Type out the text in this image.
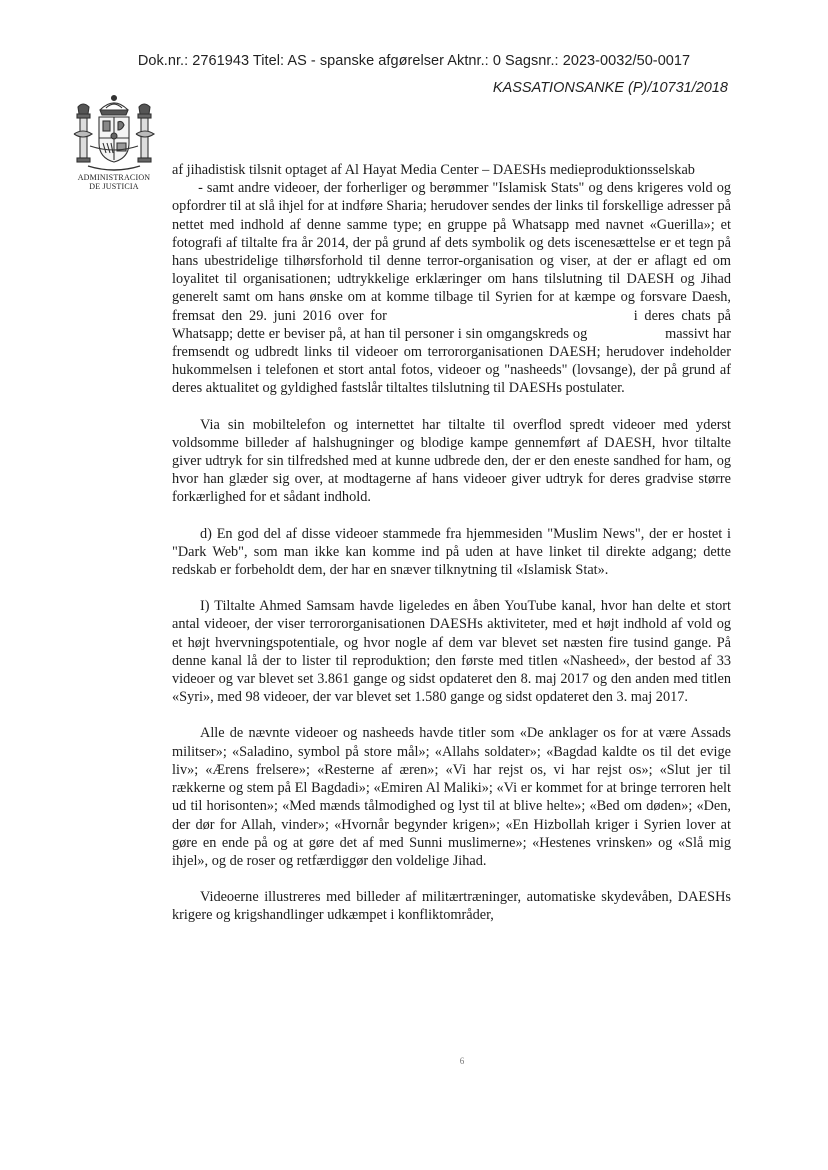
Dok.nr.: 2761943 Titel: AS - spanske afgørelser Aktnr.: 0 Sagsnr.: 2023-0032/50-0017
KASSATIONSANKE (P)/10731/2018
ADMINISTRACION
DE JUSTICIA

af jihadistisk tilsnit optaget af Al Hayat Media Center – DAESHs medieproduktionsselskab
- samt andre videoer, der forherliger og berømmer "Islamisk Stats" og dens krigeres vold og opfordrer til at slå ihjel for at indføre Sharia; herudover sendes der links til forskellige adresser på nettet med indhold af denne samme type; en gruppe på Whatsapp med navnet «Guerilla»; et fotografi af tiltalte fra år 2014, der på grund af dets symbolik og dets iscenesættelse er et tegn på hans ubestridelige tilhørsforhold til denne terror-organisation og viser, at der er aflagt ed om loyalitet til organisationen; udtrykkelige erklæringer om hans tilslutning til DAESH og Jihad generelt samt om hans ønske om at komme tilbage til Syrien for at kæmpe og forsvare Daesh, fremsat den 29. juni 2016 over for	i deres chats på Whatsapp; dette er beviser på, at han til personer i sin omgangskreds og	massivt har fremsendt og udbredt links til videoer om terrororganisationen DAESH; herudover indeholder hukommelsen i telefonen et stort antal fotos, videoer og "nasheeds" (lovsange), der på grund af deres aktualitet og gyldighed fastslår tiltaltes tilslutning til DAESHs postulater.

Via sin mobiltelefon og internettet har tiltalte til overflod spredt videoer med yderst voldsomme billeder af halshugninger og blodige kampe gennemført af DAESH, hvor tiltalte giver udtryk for sin tilfredshed med at kunne udbrede den, der er den eneste sandhed for ham, og hvor han glæder sig over, at modtagerne af hans videoer giver udtryk for deres gradvise større forkærlighed for et sådant indhold.

d) En god del af disse videoer stammede fra hjemmesiden "Muslim News", der er hostet i "Dark Web", som man ikke kan komme ind på uden at have linket til direkte adgang; dette redskab er forbeholdt dem, der har en snæver tilknytning til «Islamisk Stat».

I) Tiltalte Ahmed Samsam havde ligeledes en åben YouTube kanal, hvor han delte et stort antal videoer, der viser terrororganisationen DAESHs aktiviteter, med et højt indhold af vold og et højt hvervningspotentiale, og hvor nogle af dem var blevet set næsten fire tusind gange. På denne kanal lå der to lister til reproduktion; den første med titlen «Nasheed», der bestod af 33 videoer og var blevet set 3.861 gange og sidst opdateret den 8. maj 2017 og den anden med titlen «Syri», med 98 videoer, der var blevet set 1.580 gange og sidst opdateret den 3. maj 2017.

Alle de nævnte videoer og nasheeds havde titler som «De anklager os for at være Assads militser»; «Saladino, symbol på store mål»; «Allahs soldater»; «Bagdad kaldte os til det evige liv»; «Ærens frelsere»; «Resterne af æren»; «Vi har rejst os, vi har rejst os»; «Slut jer til rækkerne og stem på El Bagdadi»; «Emiren Al Maliki»; «Vi er kommet for at bringe terroren helt ud til horisonten»; «Med mænds tålmodighed og lyst til at blive helte»; «Bed om døden»; «Den, der dør for Allah, vinder»; «Hvornår begynder krigen»; «En Hizbollah kriger i Syrien lover at gøre en ende på og at gøre det af med Sunni muslimerne»; «Hestenes vrinsken» og «Slå mig ihjel», og de roser og retfærdiggør den voldelige Jihad.

Videoerne illustreres med billeder af militærtræninger, automatiske skydevåben, DAESHs krigere og krigshandlinger udkæmpet i konfliktområder,

6
